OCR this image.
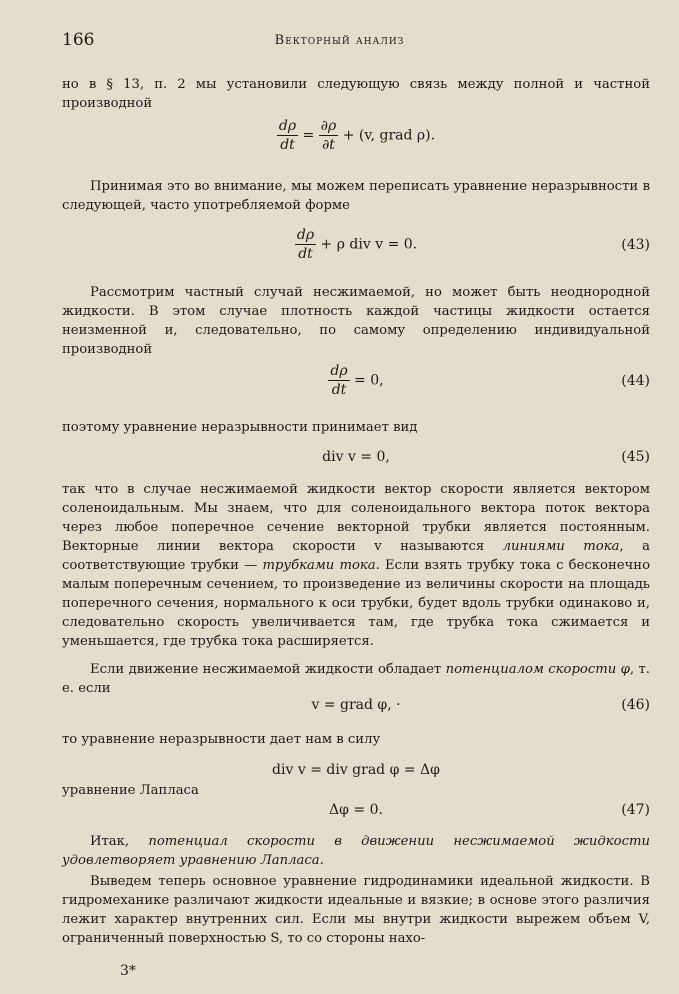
166	Векторный анализ
но в § 13, п. 2 мы установили следующую связь между полной и частной производной
$\frac{d\rho}{dt} = \frac{\partial\rho}{\partial t} + (v$, grad ρ).
Принимая это во внимание, мы можем переписать уравнение неразрывности в следующей, часто употребляемой форме
$\frac{d\rho}{dt} + \rho$ div v = 0.	(43)
Рассмотрим частный случай несжимаемой, но может быть неоднородной жидкости. В этом случае плотность каждой частицы жидкости остается неизменной и, следовательно, по самому определению индивидуальной производной
$\frac{d\rho}{dt} = 0$,	(44)
поэтому уравнение неразрывности принимает вид
div v = 0,	(45)
так что в случае несжимаемой жидкости вектор скорости является вектором соленоидальным. Мы знаем, что для соленоидального вектора поток вектора через любое поперечное сечение векторной трубки является постоянным. Векторные линии вектора скорости v называются линиями тока, а соответствующие трубки — трубками тока. Если взять трубку тока с бесконечно малым поперечным сечением, то произведение из величины скорости на площадь поперечного сечения, нормального к оси трубки, будет вдоль трубки одинаково и, следовательно скорость увеличивается там, где трубка тока сжимается и уменьшается, где трубка тока расширяется.
Если движение несжимаемой жидкости обладает потенциалом скорости φ, т. е. если
v = grad φ, ·	(46)
то уравнение неразрывности дает нам в силу
div v = div grad φ = Δφ
уравнение Лапласа
Δφ = 0.	(47)
Итак, потенциал скорости в движении несжимаемой жидкости удовлетворяет уравнению Лапласа.
Выведем теперь основное уравнение гидродинамики идеальной жидкости. В гидромеханике различают жидкости идеальные и вязкие; в основе этого различия лежит характер внутренних сил. Если мы внутри жидкости вырежем объем V, ограниченный поверхностью S, то со стороны нахо-
3*
